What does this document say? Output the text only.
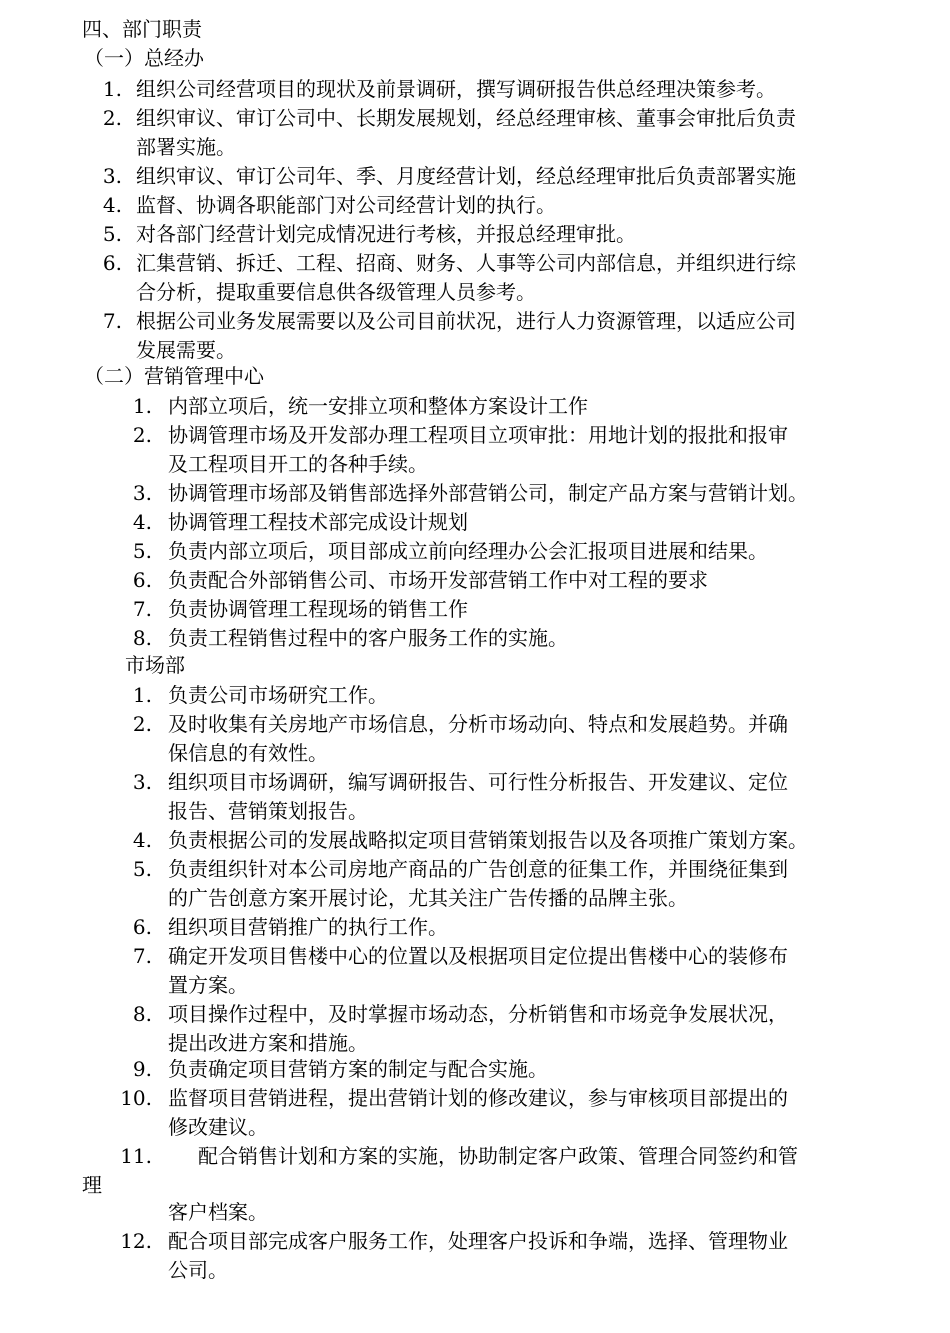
四、部门职责
（一）总经办
1. 组织公司经营项目的现状及前景调研，撰写调研报告供总经理决策参考。
2. 组织审议、审订公司中、长期发展规划，经总经理审核、董事会审批后负责
部署实施。
3. 组织审议、审订公司年、季、月度经营计划，经总经理审批后负责部署实施
4. 监督、协调各职能部门对公司经营计划的执行。
5. 对各部门经营计划完成情况进行考核，并报总经理审批。
6. 汇集营销、拆迁、工程、招商、财务、人事等公司内部信息，并组织进行综
合分析，提取重要信息供各级管理人员参考。
7. 根据公司业务发展需要以及公司目前状况，进行人力资源管理，以适应公司
发展需要。
（二）营销管理中心
1. 内部立项后，统一安排立项和整体方案设计工作
2. 协调管理市场及开发部办理工程项目立项审批：用地计划的报批和报审
及工程项目开工的各种手续。
3. 协调管理市场部及销售部选择外部营销公司，制定产品方案与营销计划。
4. 协调管理工程技术部完成设计规划
5. 负责内部立项后，项目部成立前向经理办公会汇报项目进展和结果。
6. 负责配合外部销售公司、市场开发部营销工作中对工程的要求
7. 负责协调管理工程现场的销售工作
8. 负责工程销售过程中的客户服务工作的实施。
市场部
1. 负责公司市场研究工作。
2. 及时收集有关房地产市场信息，分析市场动向、特点和发展趋势。并确
保信息的有效性。
3. 组织项目市场调研，编写调研报告、可行性分析报告、开发建议、定位
报告、营销策划报告。
4. 负责根据公司的发展战略拟定项目营销策划报告以及各项推广策划方案。
5. 负责组织针对本公司房地产商品的广告创意的征集工作，并围绕征集到
的广告创意方案开展讨论，尤其关注广告传播的品牌主张。
6. 组织项目营销推广的执行工作。
7. 确定开发项目售楼中心的位置以及根据项目定位提出售楼中心的装修布
置方案。
8. 项目操作过程中，及时掌握市场动态，分析销售和市场竞争发展状况，
提出改进方案和措施。
9. 负责确定项目营销方案的制定与配合实施。
10. 监督项目营销进程，提出营销计划的修改建议，参与审核项目部提出的
修改建议。
11.	配合销售计划和方案的实施，协助制定客户政策、管理合同签约和管
理
客户档案。
12. 配合项目部完成客户服务工作，处理客户投诉和争端，选择、管理物业
公司。
